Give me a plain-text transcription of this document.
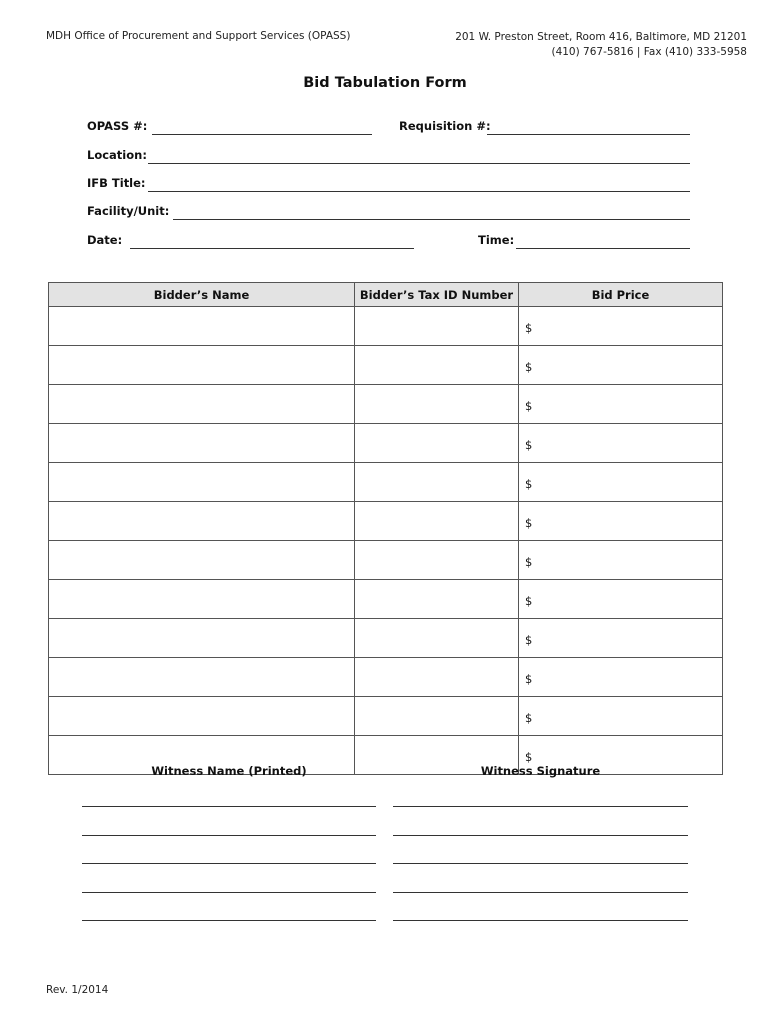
MDH Office of Procurement and Support Services (OPASS)	201 W. Preston Street, Room 416, Baltimore, MD 21201
(410) 767-5816 | Fax (410) 333-5958
Bid Tabulation Form
OPASS #:	Requisition #:
Location:
IFB Title:
Facility/Unit:
Date:	Time:
Bidder’s Name	Bidder’s Tax ID Number	Bid Price
		$
		$
		$
		$
		$
		$
		$
		$
		$
		$
		$
		$
Witness Name (Printed)	Witness Signature
Rev. 1/2014
